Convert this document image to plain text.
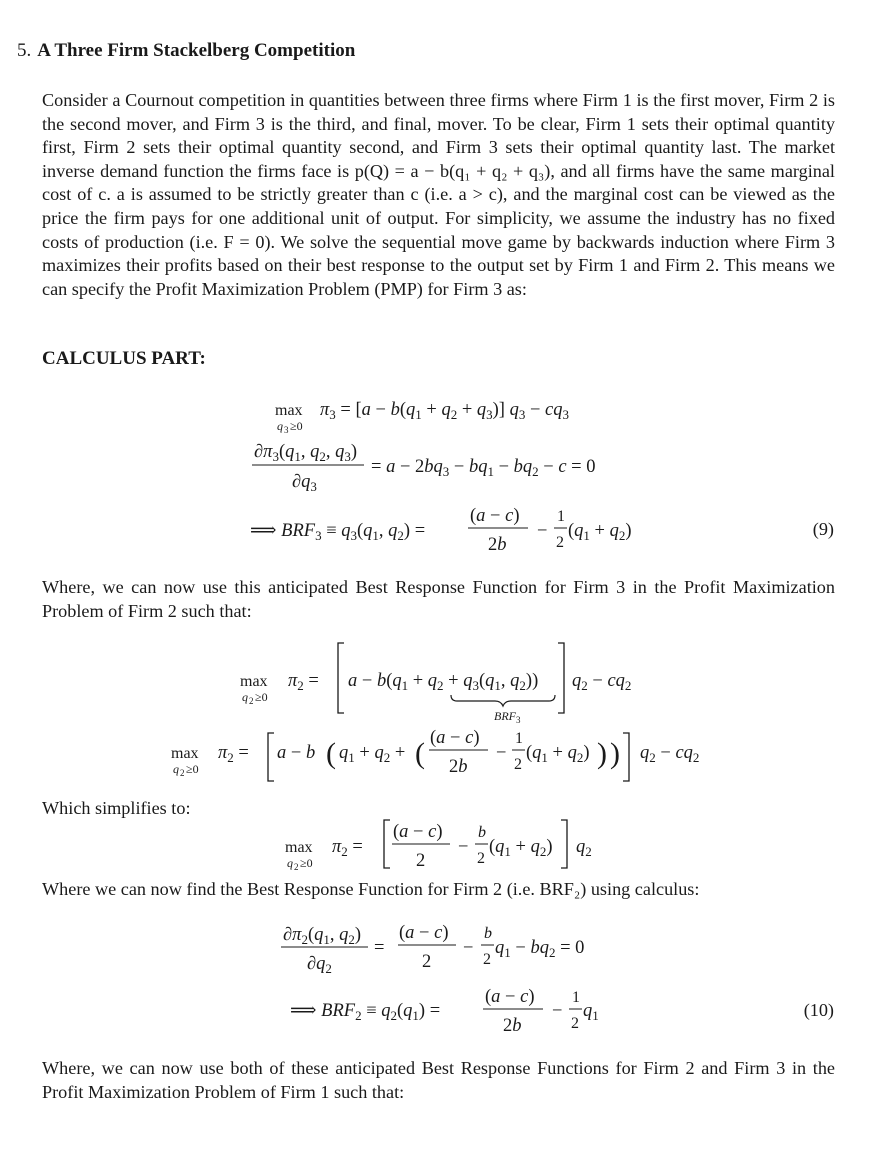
5. A Three Firm Stackelberg Competition

Consider a Cournout competition in quantities between three firms where Firm 1 is the first mover, Firm 2 is the second mover, and Firm 3 is the third, and final, mover. To be clear, Firm 1 sets their optimal quantity first, Firm 2 sets their optimal quantity second, and Firm 3 sets their optimal quantity last. The market inverse demand function the firms face is p(Q) = a − b(q₁ + q₂ + q₃), and all firms have the same marginal cost of c. a is assumed to be strictly greater than c (i.e. a > c), and the marginal cost can be viewed as the price the firm pays for one additional unit of output. For simplicity, we assume the industry has no fixed costs of production (i.e. F = 0). We solve the sequential move game by backwards induction where Firm 3 maximizes their profits based on their best response to the output set by Firm 1 and Firm 2. This means we can specify the Profit Maximization Problem (PMP) for Firm 3 as:

CALCULUS PART:
max
q 3 ≥0
$\pi_3 = [a - b(q_1 + q_2 + q_3)] q_3 - cq_3$
$\partial\pi_3(q_1$, $q_2$, $q_3$)
$\partial q_3$
= $a - 2bq_3 - bq_1 - bq_2 - c = 0$
⟹ $BRF_3 \equiv q_3(q_1$, $q_2$) =
(a − c)
2b
−
1
2
$(q_1 + q_2)$	(9)

Where, we can now use this anticipated Best Response Function for Firm 3 in the Profit Maximization Problem of Firm 2 such that:

max
q 2 ≥0
$\pi_2 = a - b(q_1 + q_2 + q_3(q_1$, $q_2$))
$BRF_3$
$q_2 - cq_2$
max
q 2 ≥0
$\pi_2 = a - b$ ( $q_1 + q_2$ + ( (a − c)
2b
−
1
2
$(q_1 + q_2)$ ) ) $q_2 - cq_2$
Which simplifies to:
max
q 2 ≥0
$\pi_2$ =
(a − c)
2
−
b
2
$(q_1 + q_2)$ $q_2$
Where we can now find the Best Response Function for Firm 2 (i.e. BRF₂) using calculus:
$\partial\pi_2(q_1$, $q_2$)
$\partial q_2$
=
(a − c)
2
−
b
2
$q_1 - bq_2 = 0$
⟹ $BRF_2 \equiv q_2(q_1)$ =
(a − c)
2b
−
1
2
$q_1$	(10)

Where, we can now use both of these anticipated Best Response Functions for Firm 2 and Firm 3 in the Profit Maximization Problem of Firm 1 such that:
